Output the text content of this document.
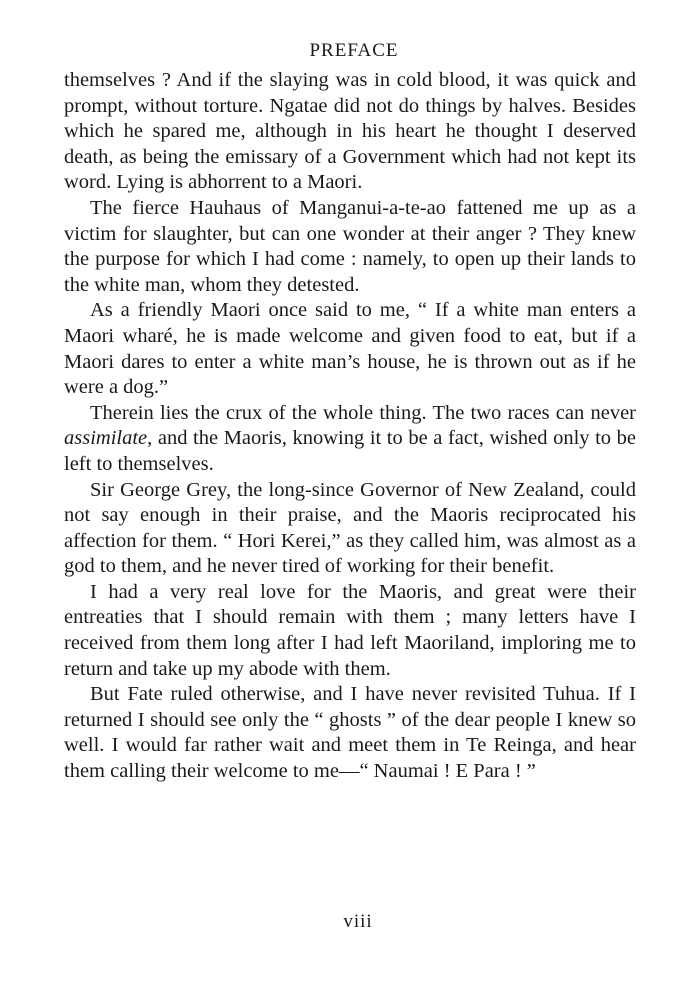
PREFACE

themselves ? And if the slaying was in cold blood, it was quick and prompt, without torture. Ngatae did not do things by halves. Besides which he spared me, although in his heart he thought I deserved death, as being the emissary of a Government which had not kept its word. Lying is abhorrent to a Maori.

The fierce Hauhaus of Manganui-a-te-ao fattened me up as a victim for slaughter, but can one wonder at their anger ? They knew the purpose for which I had come : namely, to open up their lands to the white man, whom they detested.

As a friendly Maori once said to me, “ If a white man enters a Maori wharé, he is made welcome and given food to eat, but if a Maori dares to enter a white man’s house, he is thrown out as if he were a dog.”

Therein lies the crux of the whole thing. The two races can never assimilate, and the Maoris, knowing it to be a fact, wished only to be left to themselves.

Sir George Grey, the long-since Governor of New Zealand, could not say enough in their praise, and the Maoris reciprocated his affection for them. “ Hori Kerei,” as they called him, was almost as a god to them, and he never tired of working for their benefit.

I had a very real love for the Maoris, and great were their entreaties that I should remain with them ; many letters have I received from them long after I had left Maoriland, imploring me to return and take up my abode with them.

But Fate ruled otherwise, and I have never revisited Tuhua. If I returned I should see only the “ ghosts ” of the dear people I knew so well. I would far rather wait and meet them in Te Reinga, and hear them calling their welcome to me—“ Naumai ! E Para ! ”

viii
